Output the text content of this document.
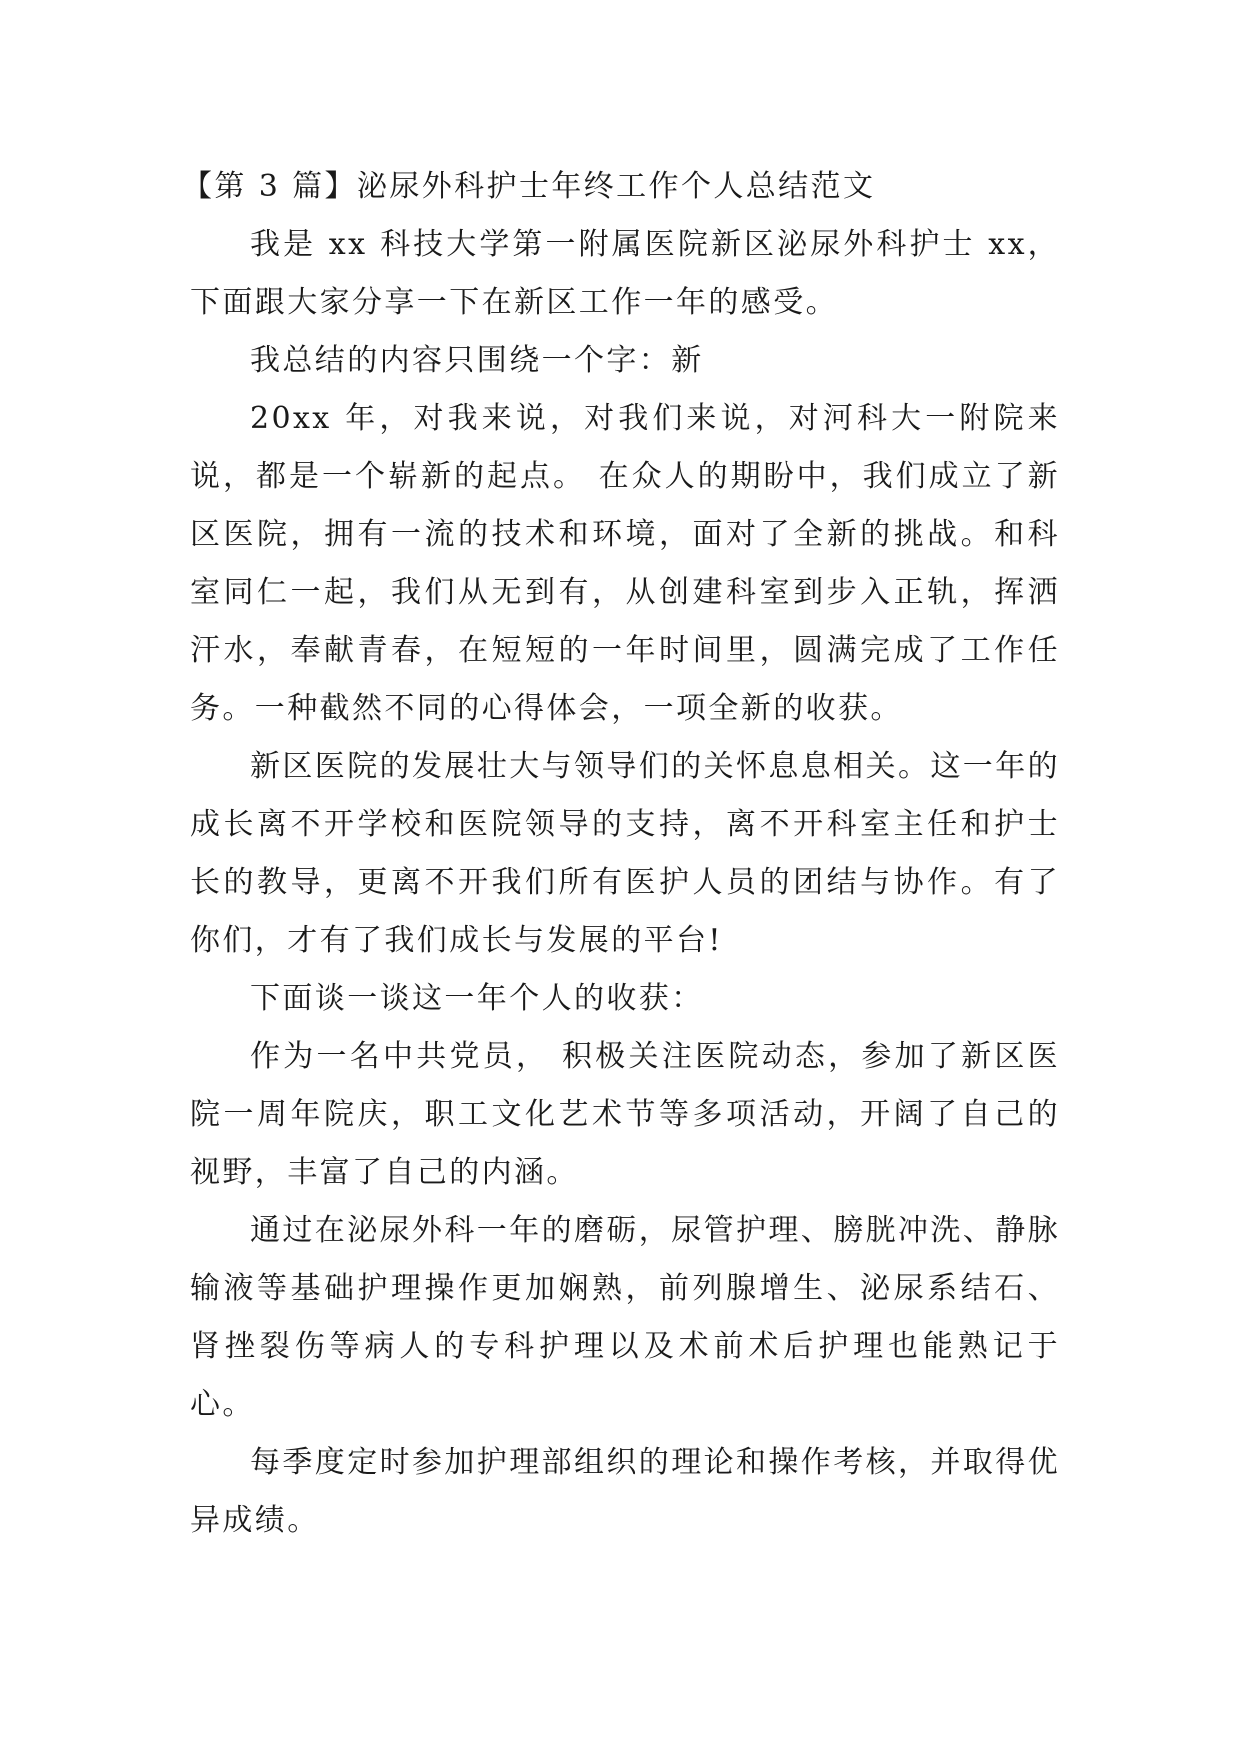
【第 3 篇】泌尿外科护士年终工作个人总结范文

我是 xx 科技大学第一附属医院新区泌尿外科护士 xx，下面跟大家分享一下在新区工作一年的感受。

我总结的内容只围绕一个字：新

20xx 年，对我来说，对我们来说，对河科大一附院来说，都是一个崭新的起点。 在众人的期盼中，我们成立了新区医院，拥有一流的技术和环境，面对了全新的挑战。和科室同仁一起，我们从无到有，从创建科室到步入正轨，挥洒汗水，奉献青春，在短短的一年时间里，圆满完成了工作任务。一种截然不同的心得体会，一项全新的收获。

新区医院的发展壮大与领导们的关怀息息相关。这一年的成长离不开学校和医院领导的支持，离不开科室主任和护士长的教导，更离不开我们所有医护人员的团结与协作。有了你们，才有了我们成长与发展的平台!

下面谈一谈这一年个人的收获：

作为一名中共党员， 积极关注医院动态，参加了新区医院一周年院庆，职工文化艺术节等多项活动，开阔了自己的视野，丰富了自己的内涵。

通过在泌尿外科一年的磨砺，尿管护理、膀胱冲洗、静脉输液等基础护理操作更加娴熟，前列腺增生、泌尿系结石、肾挫裂伤等病人的专科护理以及术前术后护理也能熟记于心。

每季度定时参加护理部组织的理论和操作考核，并取得优异成绩。
